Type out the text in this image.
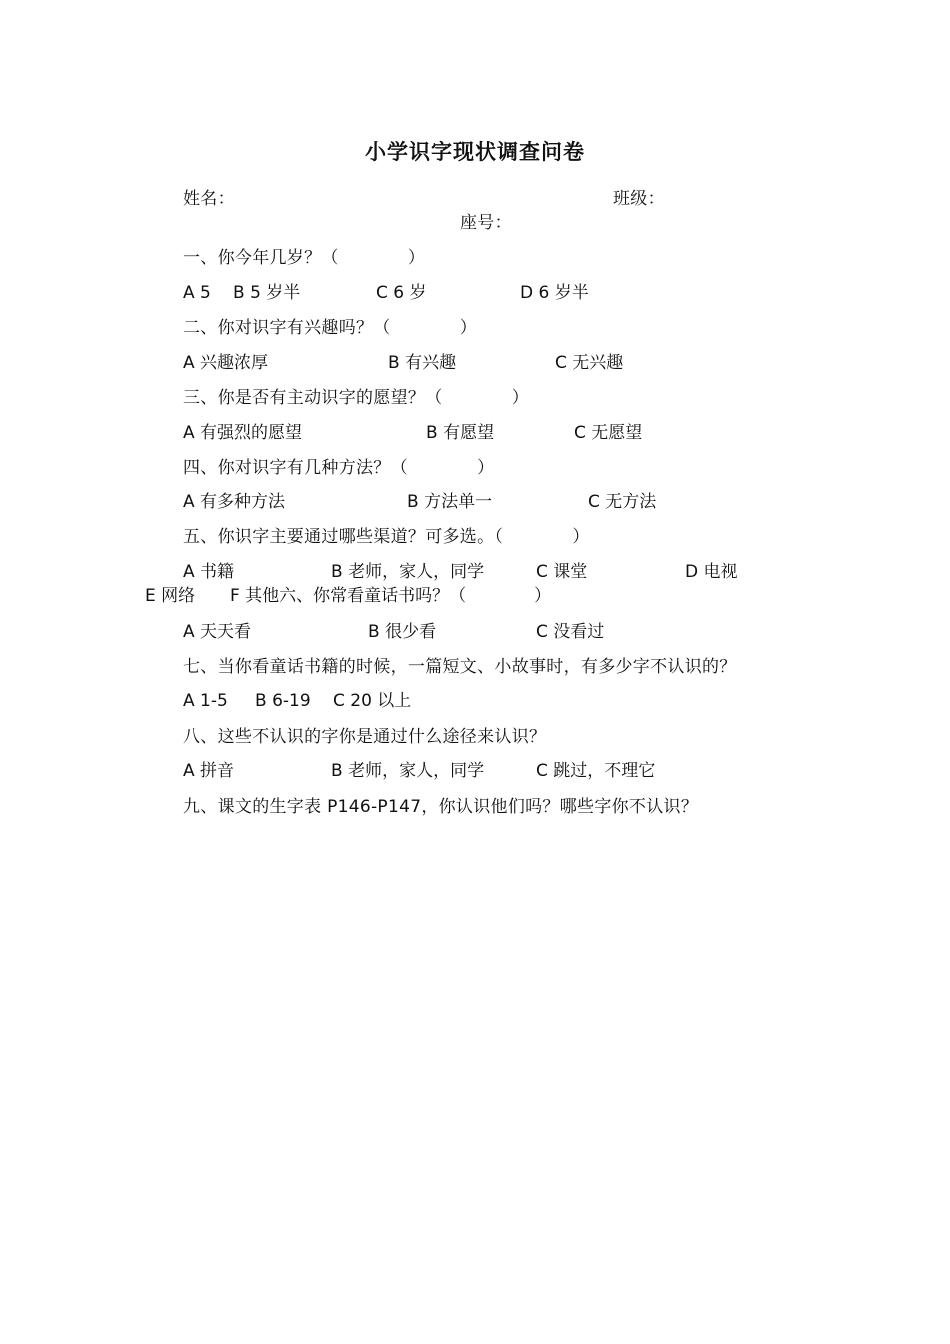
小学识字现状调查问卷
姓名：	班级：
座号：
一、你今年几岁？（　　　　）
A 5 B 5 岁半	C 6 岁	D 6 岁半
二、你对识字有兴趣吗？（　　　　）
A 兴趣浓厚	B 有兴趣	C 无兴趣
三、你是否有主动识字的愿望？（　　　　）
A 有强烈的愿望	B 有愿望	C 无愿望
四、你对识字有几种方法？（　　　　）
A 有多种方法	B 方法单一	C 无方法
五、你识字主要通过哪些渠道？可多选。（　　　　）
A 书籍	B 老师，家人，同学	C 课堂	D 电视
E 网络 F 其他六、你常看童话书吗？（　　　　）
A 天天看	B 很少看	C 没看过
七、当你看童话书籍的时候，一篇短文、小故事时，有多少字不认识的？
A 1-5 B 6-19 C 20 以上
八、这些不认识的字你是通过什么途径来认识？
A 拼音	B 老师，家人，同学	C 跳过，不理它
九、课文的生字表 P146-P147，你认识他们吗？哪些字你不认识？
